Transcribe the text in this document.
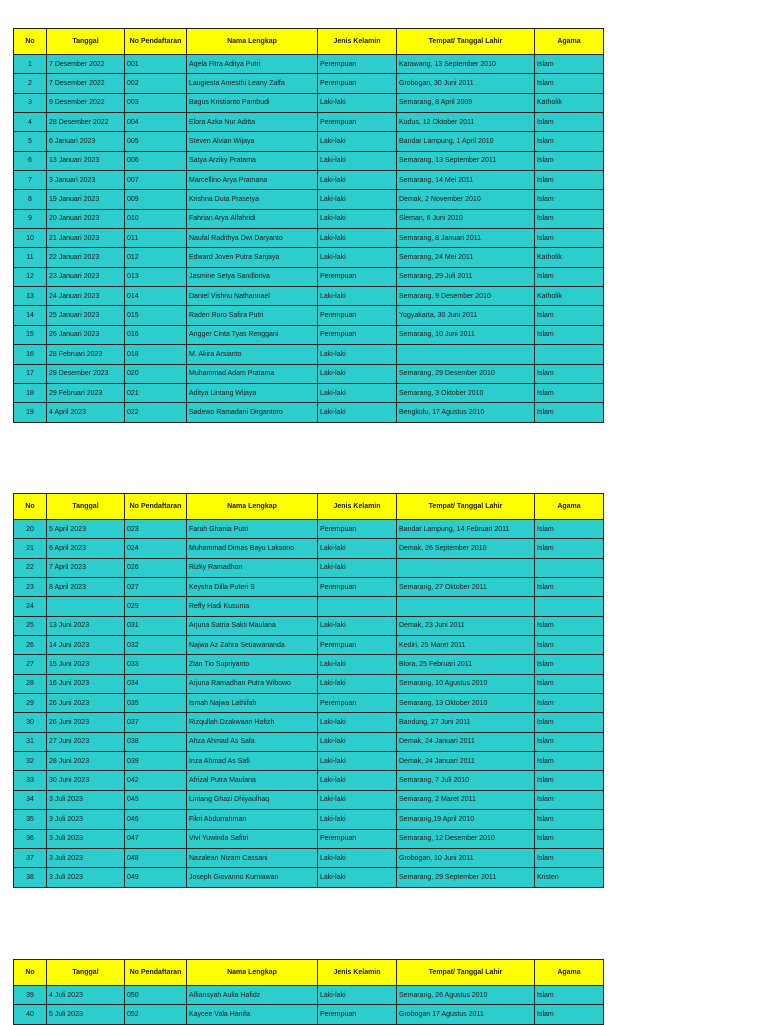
No	Tanggal	No Pendaftaran	Nama Lengkap	Jenis Kelamin	Tempat/ Tanggal Lahir	Agama
1	7 Desember 2022	001	Aqela Fitra Aditya Putri	Perempuan	Karawang, 13 September 2010	Islam
2	7 Desember 2022	002	Laugiesta Amesthi Leany Zalfa	Perempuan	Grobogan, 30 Juni 2011	Islam
3	9 Desember 2022	003	Bagus Kristianto Pambudi	Laki-laki	Semarang, 8 April 2009	Katholik
4	28 Desember 2022	004	Elora Azka Nur Aditta	Perempuan	Kudus, 12 Oktober 2011	Islam
5	6 Januari 2023	005	Steven Alvian Wijaya	Laki-laki	Bandar Lampung, 1 April 2010	Islam
6	13 Januari 2023	006	Satya Arziky Pratama	Laki-laki	Semarang, 13 September 2011	Islam
7	3 Januari 2023	007	Marcellino Arya Pramana	Laki-laki	Semarang, 14 Mei 2011	Islam
8	19 Januari 2023	009	Krishna Duta Prasetya	Laki-laki	Demak, 2 November 2010	Islam
9	20 Januari 2023	010	Fahrian Arya Alfahridi	Laki-laki	Sleman, 6 Juni 2010	Islam
10	21 Januari 2023	011	Naufal Radithya Dwi Daryanto	Laki-laki	Semarang, 8 Januari 2011	Islam
11	22 Januari 2023	012	Edward Joven Putra Sanjaya	Laki-laki	Semarang, 24 Mei 2011	Katholik
12	23 Januari 2023	013	Jasmine Setya Sandloriva	Perempuan	Semarang, 29 Juli 2011	Islam
13	24 Januari 2023	014	Daniel Vishnu Nathannael	Laki-laki	Semarang, 9 Desember 2010	Katholik
14	25 Januari 2023	015	Raden Roro Safira Putri	Perempuan	Yogyakarta, 30 Juni 2011	Islam
15	26 Januari 2023	016	Angger Cinta Tyas Renggani	Perempuan	Semarang, 10 Juni 2011	Islam
16	28 Februari 2023	018	M. Akira Arsianto	Laki-laki		
17	29 Desember 2023	020	Muhammad Adam Pratama	Laki-laki	Semarang, 29 Desember 2010	Islam
18	29 Februari 2023	021	Aditya Lintang Wijaya	Laki-laki	Semarang, 3 Oktober 2010	Islam
19	4 April 2023	022	Sadewo Ramadani Dirgantoro	Laki-laki	Bengkulu, 17 Agustus 2010	Islam
No	Tanggal	No Pendaftaran	Nama Lengkap	Jenis Kelamin	Tempat/ Tanggal Lahir	Agama
20	5 April 2023	023	Farah Ghania Putri	Perempuan	Bandar Lampung, 14 Februari 2011	Islam
21	6 April 2023	024	Muhammad Dimas Bayu Laksono	Laki-laki	Demak, 26 September 2010	Islam
22	7 April 2023	026	Rizky Ramadhon	Laki-laki		
23	8 April 2023	027	Keysha Dilla Puteri S	Perempuan	Semarang, 27 Oktober 2011	Islam
24		029	Reffy Hadi Kusuma			
25	13 Juni 2023	031	Arjuna Satria Sakti Maulana	Laki-laki	Demak, 23 Juni 2011	Islam
26	14 Juni 2023	032	Najwa Az Zahra Setiawananda	Perempuan	Kediri, 25 Maret 2011	Islam
27	15 Juni 2023	033	Zian Tio Supriyanto	Laki-laki	Blora, 25 Februari 2011	Islam
28	16 Juni 2023	034	Arjuna Ramadhan Putra Wibowo	Laki-laki	Semarang, 10 Agustus 2010	Islam
29	26 Juni 2023	035	Ismah Najwa Lathifah	Perempuan	Semarang, 13 Oktober 2010	Islam
30	26 Juni 2023	037	Rizqullah Dzakwaan Hafizh	Laki-laki	Bandung, 27 Juni 2011	Islam
31	27 Juni 2023	038	Ahza Ahmad As Safa	Laki-laki	Demak, 24 Januari 2011	Islam
32	28 Juni 2023	039	Inza Ahmad As Safi	Laki-laki	Demak, 24 Januari 2011	Islam
33	30 Juni 2023	042	Afrizal Putra Maulana	Laki-laki	Semarang, 7 Juli 2010	Islam
34	3 Juli 2023	045	Lintang Ghazi Dhiyaulhaq	Laki-laki	Semarang, 2 Maret 2011	Islam
35	3 Juli 2023	046	Fikri Abdurrahman	Laki-laki	Semarang,19 April 2010	Islam
36	3 Juli 2023	047	Vivi Yuwinda Safitri	Perempuan	Semarang, 12 Desember 2010	Islam
37	3 Juli 2023	048	Nazalean Nizam Cassani	Laki-laki	Grobogan, 10 Juni 2011	Islam
38	3 Juli 2023	049	Joseph Giovanno Kurniawan	Laki-laki	Semarang, 29 September 2011	Kristen
No	Tanggal	No Pendaftaran	Nama Lengkap	Jenis Kelamin	Tempat/ Tanggal Lahir	Agama
39	4 Juli 2023	050	Alfiansyah Aulia Hafidz	Laki-laki	Semarang, 26 Agustus 2010	Islam
40	5 Juli 2023	052	Kaycee Vala Hanifa	Perempuan	Grobogan 17 Agustus 2011	Islam
